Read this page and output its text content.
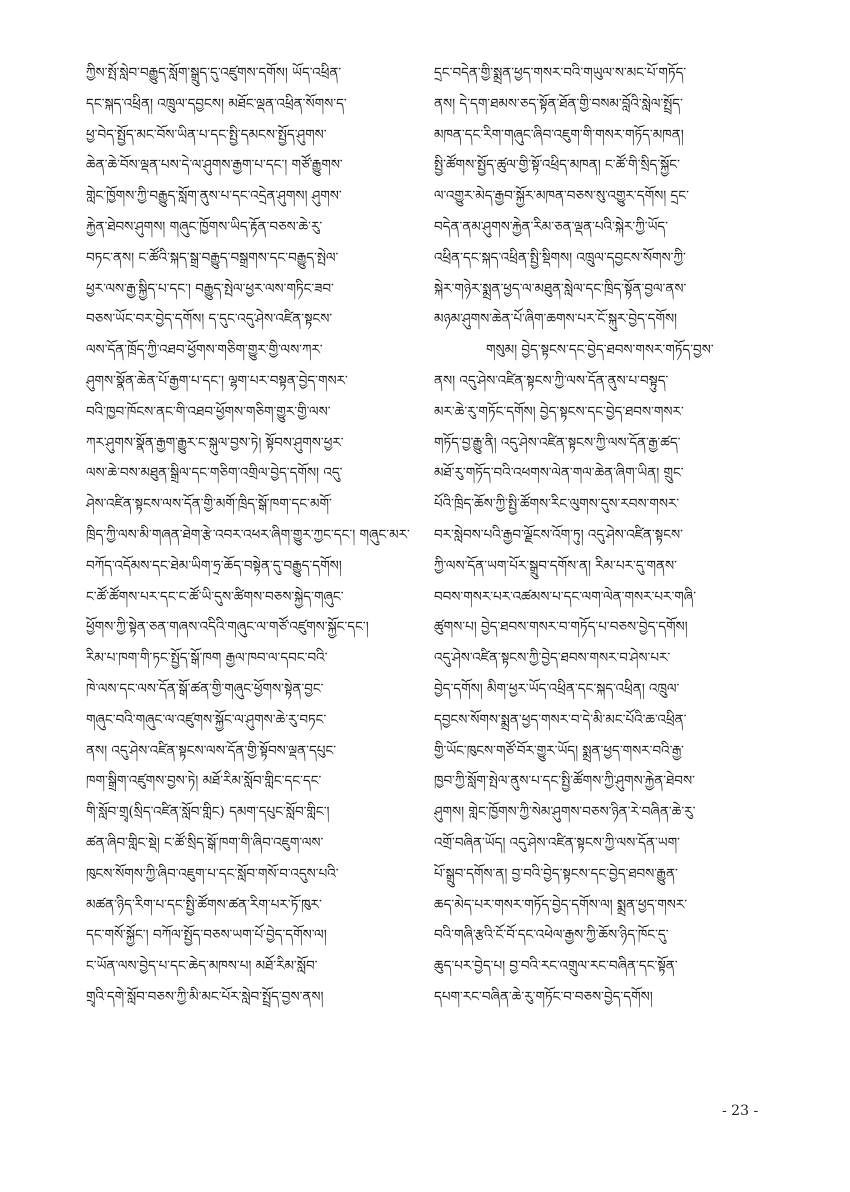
ཀྱིས་སྤོ་སླེབ་བརྒྱུད་སློག་སྒྲུད་དུ་འཛུགས་དགོས། ཡོད་འཕྲིན་
དང་སྐད་འཕྲིན། འཁྲུལ་དབྱངས། མཐོང་ལྡན་འཕྲིན་སོགས་ད་
ཕྱ་བེད་སྤྱོད་མང་བོས་ཡིན་པ་དང་སྤྱི་དམངས་སྤྱོད་ཤུགས་
ཆེན་ཆེ་བོས་ལྡན་པས་དེ་ལ་ཤུགས་རྒྱག་པ་དང་། གཙོ་རྒྱུགས་
གླེང་ཁྱོགས་ཀྱི་བརྒྱུད་སློག་ནུས་པ་དང་འདྲེན་ཤུགས། ཤུགས་
རྐྱེན་ཐེབས་ཤུགས། གཞུང་ཁྱོགས་ཡིད་རྟོན་བཅས་ཆེ་རུ་
བཏང་ནས། ང་ཚོའི་སྐད་སྒྲ་བརྒྱུད་བསྒྲགས་དང་བརྒྱུད་སྤེལ་
ཕྱར་ལས་རྒྱ་སྐྱིད་པ་དང་། བརྒྱུད་སྤེལ་ཕྱར་ལས་གཏིང་ཟབ་
བཅས་ཡོང་བར་བྱེད་དགོས། ད་དུང་འདུ་ཤེས་འཛིན་སྟངས་
ལས་དོན་ཁྲོད་ཀྱི་འཐབ་ཕྱོགས་གཅིག་གྱུར་གྱི་ལས་ཀར་
ཤུགས་སྣོན་ཆེན་པོ་རྒྱག་པ་དང་། ལྷག་པར་བསྟན་བྱེད་གསར་
བའི་ཁྱབ་ཁོངས་ནང་གི་འཐབ་ཕྱོགས་གཅིག་གྱུར་གྱི་ལས་
ཀར་ཤུགས་སྣོན་རྒྱག་རྒྱུར་ང་སྐུལ་བྱས་ཏེ། སྟོབས་ཤུགས་ཕྱར་
ལས་ཆེ་བས་མཐུན་སྒྲིལ་དང་གཅིག་འགྲིལ་བྱེད་དགོས། འདུ་
ཤེས་འཛིན་སྟངས་ལས་དོན་གྱི་མགོ་ཁྲིད་སྒོ་ཁག་དང་མགོ་
ཁྲིད་ཀྱི་ལས་མི་གཞན་ཐེག་རྩེ་འབར་འཕར་ཞིག་གྱུར་ཀྱང་དང་། གཞུང་མར་
བཀོད་འདོམས་དང་ཐེམ་ཡིག་ཧྲ་ཆོད་བསྟེན་དུ་བརྒྱུད་དགོས།
ང་ཚོ་ཚོགས་པར་དང་ང་ཚོ་ཡི་དུས་ཚིགས་བཅས་སྐྱེད་གཞུང་
ཕྱོགས་ཀྱི་སྟེན་ཅན་གཞས་འདིའི་གཞུང་ལ་གཙོ་འཛུགས་སྐྱོང་དང་།
རིམ་པ་ཁག་གི་ཏང་སྤྱོད་སྒོ་ཁག རྒྱལ་ཁབ་ལ་དབང་བའི་
ཁེ་ལས་དང་ལས་དོན་སྒོ་ཚན་གྱི་གཞུང་ཕྱོགས་སྟེན་བྱང་
གཞུང་བའི་གཞུང་ལ་འཛུགས་སྐྱོང་ལ་ཤུགས་ཆེ་རུ་བཏང་
ནས། འདུ་ཤེས་འཛིན་སྟངས་ལས་དོན་གྱི་སྟོབས་ལྡན་དཔུང་
ཁག་སྒྲིག་འཛུགས་བྱས་ཏེ། མཐོ་རིམ་སློབ་གླིང་དང་དང་
གི་སློབ་གྲྭ(སྲིད་འཛིན་སློབ་གླིང) དམག་དཔུང་སློབ་གླིང་།
ཚན་ཞིབ་གླིང་སྡེ། ང་ཚོ་སྲིད་སྒོ་ཁག་གི་ཞིབ་འཇུག་ལས་
ཁུངས་སོགས་ཀྱི་ཞིབ་འཇུག་པ་དང་སློབ་གསོ་བ་འདུས་པའི་
མཚན་ཉིད་རིག་པ་དང་སྤྱི་ཚོགས་ཚན་རིག་པར་ཏོ་ཁུར་
དང་གསོ་སྐྱོང་། བཀོལ་སྤྱོད་བཅས་ཡག་པོ་བྱེད་དགོས་ལ།
ང་ཡོན་ལས་བྱེད་པ་དང་ཆེད་མཁས་པ། མཐོ་རིམ་སློབ་
གྲྭའི་དགེ་སློབ་བཅས་ཀྱི་མི་མང་པོར་སླེབ་སྤྲོད་བྱས་ནས།
དྲང་བདེན་གྱི་སྨྲན་ཕྱད་གསར་བའི་གཡུལ་ས་མང་པོ་གཏོད་
ནས། དེ་དག་ཐམས་ཅད་སྟོན་ཐོན་གྱི་བསམ་བློའི་སླེལ་སྤྲོད་
མཁན་དང་རིག་གཞུང་ཞིབ་འཇུག་གི་གསར་གཏོད་མཁན།
སྤྱི་ཚོགས་སྤྱོད་ཚུལ་གྱི་སྟོ་འཕྲིད་མཁན། ང་ཚོ་གི་སྲིད་སྐྱོང་
ལ་འགྱུར་མེད་རྒྱབ་སྐྱོར་མཁན་བཅས་སུ་འགྱུར་དགོས། དྲང་
བདེན་ནམ་ཤུགས་རྐྱེན་རིམ་ཅན་ལྡན་པའི་སྐེར་ཀྱི་ཡོད་
འཕྲིན་དང་སྐད་འཕྲིན་སྤྱི་སྡིགས། འཁྲུལ་དབྱངས་སོགས་ཀྱི་
སྐེར་གཉེར་སྨྲན་ཕྱད་ལ་མཐུན་སླེལ་དང་ཁྲིད་སྟོན་བྱལ་ནས་
མཉམ་ཤུགས་ཆེན་པོ་ཞིག་ཆགས་པར་ངོ་སྐུར་བྱེད་དགོས།
གསུམ། བྱེད་སྟངས་དང་བྱེད་ཐབས་གསར་གཏོད་བྱས་
ནས། འདུ་ཤེས་འཛིན་སྟངས་ཀྱི་ལས་དོན་ནུས་པ་བསྟུད་
མར་ཆེ་རུ་གཏོང་དགོས། བྱེད་སྟངས་དང་བྱེད་ཐབས་གསར་
གཏོད་བྱ་རྒྱུ་ནི། འདུ་ཤེས་འཛིན་སྟངས་ཀྱི་ལས་དོན་རྒྱ་ཚད་
མཐོ་རུ་གཏོད་བའི་འཕགས་ལེན་གལ་ཆེན་ཞིག་ཡིན། གྲུང་
པོའི་ཁྲིད་ཆོས་ཀྱི་སྤྱི་ཚོགས་རིང་ལུགས་དུས་རབས་གསར་
བར་སླེབས་པའི་རྒྱབ་ལྗོངས་འོག་ཏུ། འདུ་ཤེས་འཛིན་སྟངས་
ཀྱི་ལས་དོན་ཡག་པོར་སྒྲུབ་དགོས་ན། རིམ་པར་དུ་གནས་
བབས་གསར་པར་འཚམས་པ་དང་ལག་ལེན་གསར་པར་གཞི་
ཚུགས་པ། བྱེད་ཐབས་གསར་བ་གཏོད་པ་བཅས་བྱེད་དགོས།
འདུ་ཤེས་འཛིན་སྟངས་ཀྱི་བྱེད་ཐབས་གསར་བ་ཤེས་པར་
བྱེད་དགོས། མིག་ཕྱར་ཡོད་འཕྲིན་དང་སྐད་འཕྲིན། འཁྲུལ་
དབྱངས་སོགས་སྨྲན་ཕྱད་གསར་བ་དེ་མི་མང་པོའི་ཆ་འཕྲིན་
གྱི་ཡོང་ཁུངས་གཙོ་བོར་གྱུར་ཡོད། སྨྲན་ཕྱད་གསར་བའི་རྒྱ་
ཁྱབ་ཀྱི་སློག་སྤེལ་ནུས་པ་དང་སྤྱི་ཚོགས་ཀྱི་ཤུགས་རྐྱེན་ཐེབས་
ཤུགས། གླེང་ཁྱོགས་ཀྱི་སེམ་ཤུགས་བཅས་ཉིན་རེ་བཞིན་ཆེ་རུ་
འགྲོ་བཞིན་ཡོད། འདུ་ཤེས་འཛིན་སྟངས་ཀྱི་ལས་དོན་ཡག་
པོ་སྒྲུབ་དགོས་ན། བྱ་བའི་བྱེད་སྟངས་དང་བྱེད་ཐབས་རྒྱུན་
ཆད་མེད་པར་གསར་གཏོད་བྱེད་དགོས་ལ། སྨྲན་ཕྱད་གསར་
བའི་གཞི་རྩའི་ངོ་བོ་དང་འཕེལ་རྒྱས་ཀྱི་ཆོས་ཉིད་ཁོང་དུ་
ཆུད་པར་བྱེད་པ། བྱ་བའི་རང་འགྲུལ་རང་བཞིན་དང་སྟོན་
དཔག་རང་བཞིན་ཆེ་རུ་གཏོང་བ་བཅས་བྱེད་དགོས།
- 23 -
